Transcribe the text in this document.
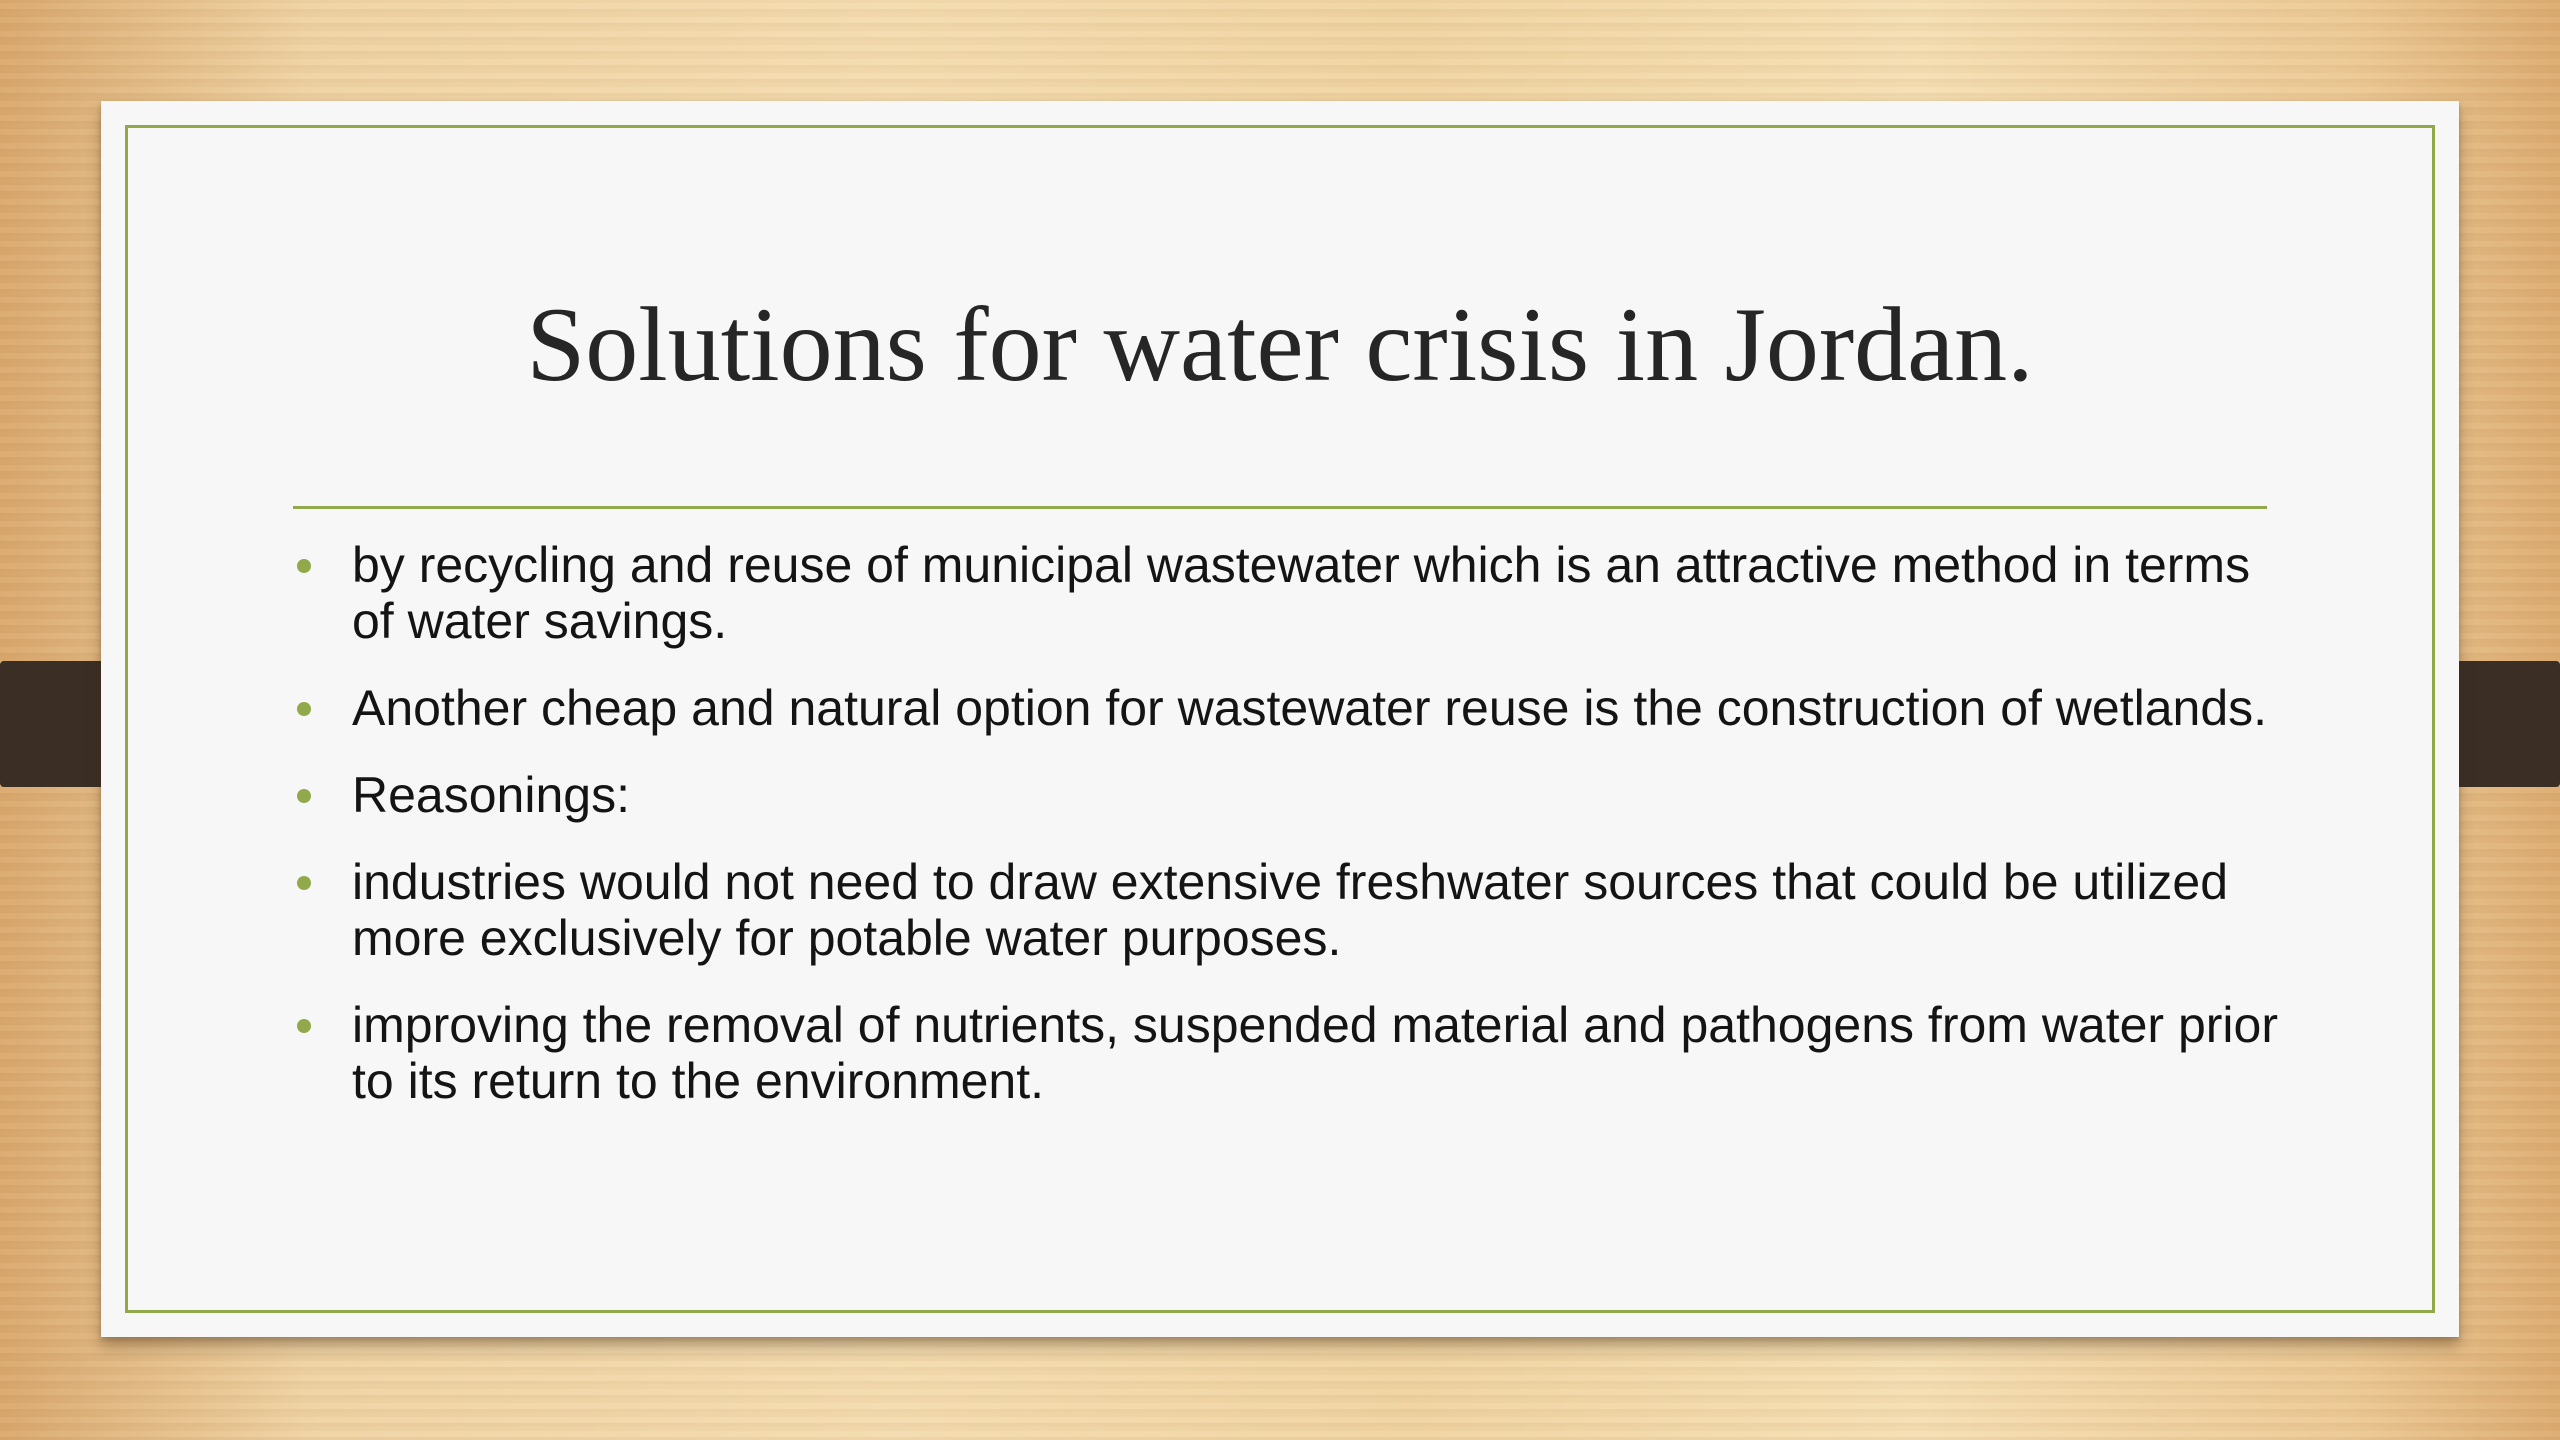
Solutions for water crisis in Jordan.
by recycling and reuse of municipal wastewater which is an attractive method in terms of water savings.
Another cheap and natural option for wastewater reuse is the construction of wetlands.
Reasonings:
industries would not need to draw extensive freshwater sources that could be utilized more exclusively for potable water purposes.
improving the removal of nutrients, suspended material and pathogens from water prior to its return to the environment.
